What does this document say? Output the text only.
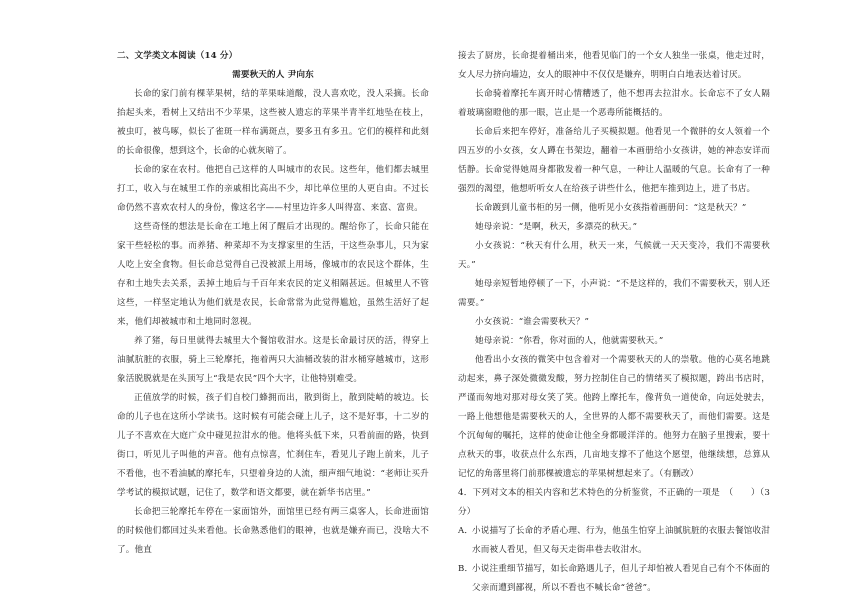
二、文学类文本阅读（14 分）
需要秋天的人 尹向东

长命的家门前有棵苹果树，结的苹果味道酸，没人喜欢吃，没人采摘。长命抬起头来，看树上又结出不少苹果，这些被人遗忘的苹果半青半红地坠在枝上，被虫叮，被鸟啄，似长了雀斑一样布满斑点，要多丑有多丑。它们的模样和此刻的长命很像，想到这个，长命的心就灰暗了。

长命的家在农村。他把自己这样的人叫城市的农民。这些年，他们都去城里打工，收入与在城里工作的亲戚相比高出不少，却比单位里的人更自由。不过长命仍然不喜欢农村人的身份，像这名字——村里边许多人叫得富、来富、富贵。

这些奇怪的想法是长命在工地上闲了醒后才出现的。醒给你了，长命只能在家干些轻松的事。而养猪、种菜却不为支撑家里的生活，干这些杂事儿，只为家人吃上安全食物。但长命总觉得自己没被派上用场，像城市的农民这个群体，生存和土地失去关系，丢掉土地后与千百年来农民的定义相隔甚远。但城里人不管这些，一样坚定地认为他们就是农民，长命常常为此觉得尴尬，虽然生活好了起来，他们却被城市和土地同时忽视。

养了猪，每日里就得去城里大个餐馆收泔水。这是长命最讨厌的活，得穿上油腻肮脏的衣服，骑上三轮摩托，拖着两只大油桶改装的泔水桶穿越城市，这形象活脱脱就是在头顶写上“我是农民”四个大字，让他特别难受。

正值放学的时候，孩子们自校门蜂拥而出，散到街上，散到陡峭的坡边。长命的儿子也在这所小学读书。这时候有可能会碰上儿子，这不是好事，十二岁的儿子不喜欢在大庭广众中碰见拉泔水的他。他将头低下来，只看前面的路，快到街口，听见儿子叫他的声音。他有点惊喜，忙刹住车，看见儿子跑上前来，儿子不看他，也不看油腻的摩托车，只望着身边的人流，细声细气地说：“老师让买升学考试的模拟试题，记住了，数学和语文都要，就在新华书店里。”

长命把三轮摩托车停在一家面馆外，面馆里已经有两三桌客人，长命进面馆的时候他们都回过头来看他。长命熟悉他们的眼神，也就是嫌弃而已，没啥大不了。他直

接去了厨房，长命提着桶出来，他看见临门的一个女人独坐一张桌，他走过时，女人尽力挤向墙边，女人的眼神中不仅仅是嫌弃，明明白白地表达着讨厌。

长命骑着摩托车离开时心情糟透了，他不想再去拉泔水。长命忘不了女人隔着玻璃窗瞪他的那一眼，岂止是一个恶毒所能概括的。

长命后来把车停好，准备给儿子买模拟题。他看见一个微胖的女人领着一个四五岁的小女孩，女人蹲在书架边，翻着一本画册给小女孩讲，她的神态安详而恬静。长命觉得她周身都散发着一种气息，一种让人温暖的气息。长命有了一种强烈的渴望，他想听听女人在给孩子讲些什么，他把车推到边上，进了书店。

长命踱到儿童书柜的另一侧，他听见小女孩指着画册问：“这是秋天？”

她母亲说：“是啊，秋天，多漂亮的秋天。”

小女孩说：“秋天有什么用，秋天一来，气候就一天天变冷，我们不需要秋天。”

她母亲短暂地停顿了一下，小声说：“不是这样的，我们不需要秋天，别人还需要。”

小女孩说：“谁会需要秋天？”

她母亲说：“你看，你对面的人，他就需要秋天。”

他看出小女孩的微笑中包含着对一个需要秋天的人的崇敬。他的心莫名地跳动起来，鼻子深处微微发酸，努力控制住自己的情绪买了模拟题，跨出书店时，严谨而匆地对那对母女笑了笑。他跨上摩托车，像背负一道使命，向远处驶去，一路上他想他是需要秋天的人，全世界的人都不需要秋天了，而他们需要。这是个沉甸甸的嘱托，这样的使命让他全身都暖洋洋的。他努力在脑子里搜索，要十点秋天的事，收获点什么东西，几亩地支撑不了他这个愿望，他继续想，总算从记忆的角落里将门前那棵被遗忘的苹果树想起来了。（有删改）

4．下列对文本的相关内容和艺术特色的分析鉴赏，不正确的一项是　（　　）（3 分）

A．
小说描写了长命的矛盾心理、行为，他虽生怕穿上油腻肮脏的衣服去餐馆收泔水而被人看见，但又每天走街串巷去收泔水。

B．
小说注重细节描写，如长命路遇儿子，但儿子却怕被人看见自己有个不体面的父亲而遭到鄙视，所以不看也不喊长命“爸爸”。
